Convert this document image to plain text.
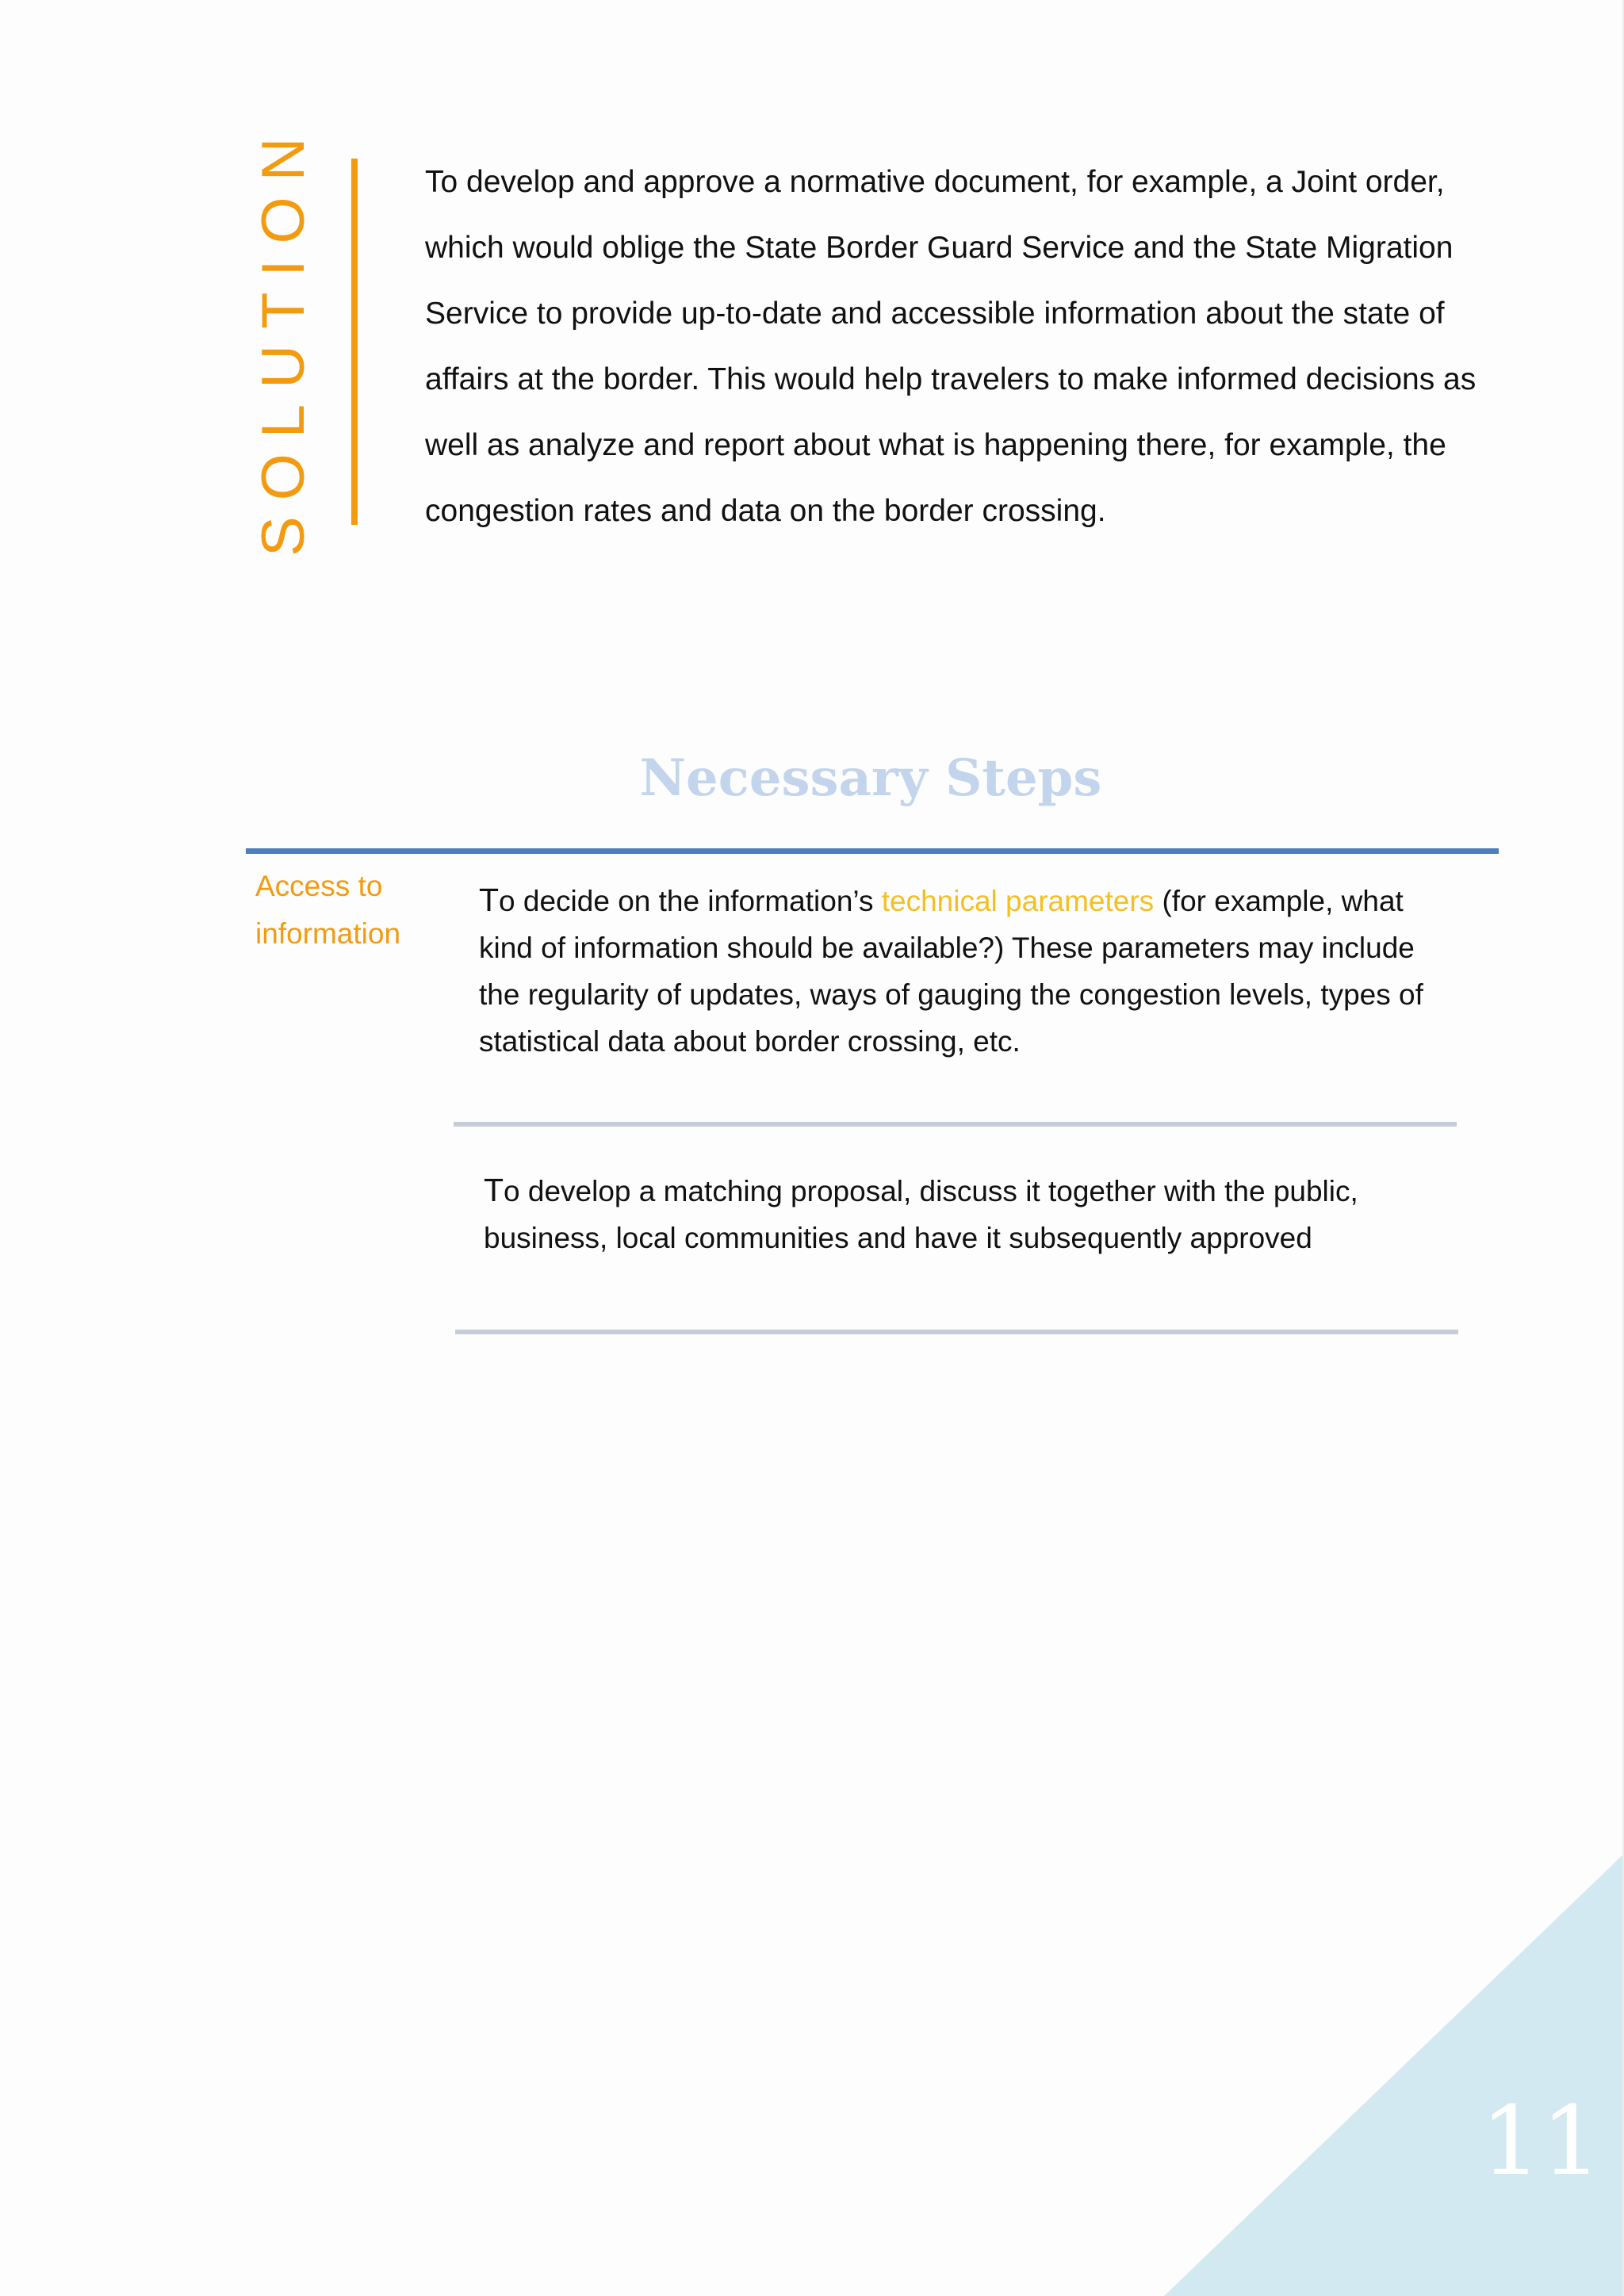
SOLUTION	To develop and approve a normative document, for example, a Joint order, which would oblige the State Border Guard Service and the State Migration Service to provide up-to-date and accessible information about the state of affairs at the border. This would help travelers to make informed decisions as well as analyze and report about what is happening there, for example, the congestion rates and data on the border crossing.

Necessary Steps

Access to information

To decide on the information’s technical parameters (for example, what kind of information should be available?) These parameters may include the regularity of updates, ways of gauging the congestion levels, types of statistical data about border crossing, etc.

To develop a matching proposal, discuss it together with the public, business, local communities and have it subsequently approved

11
